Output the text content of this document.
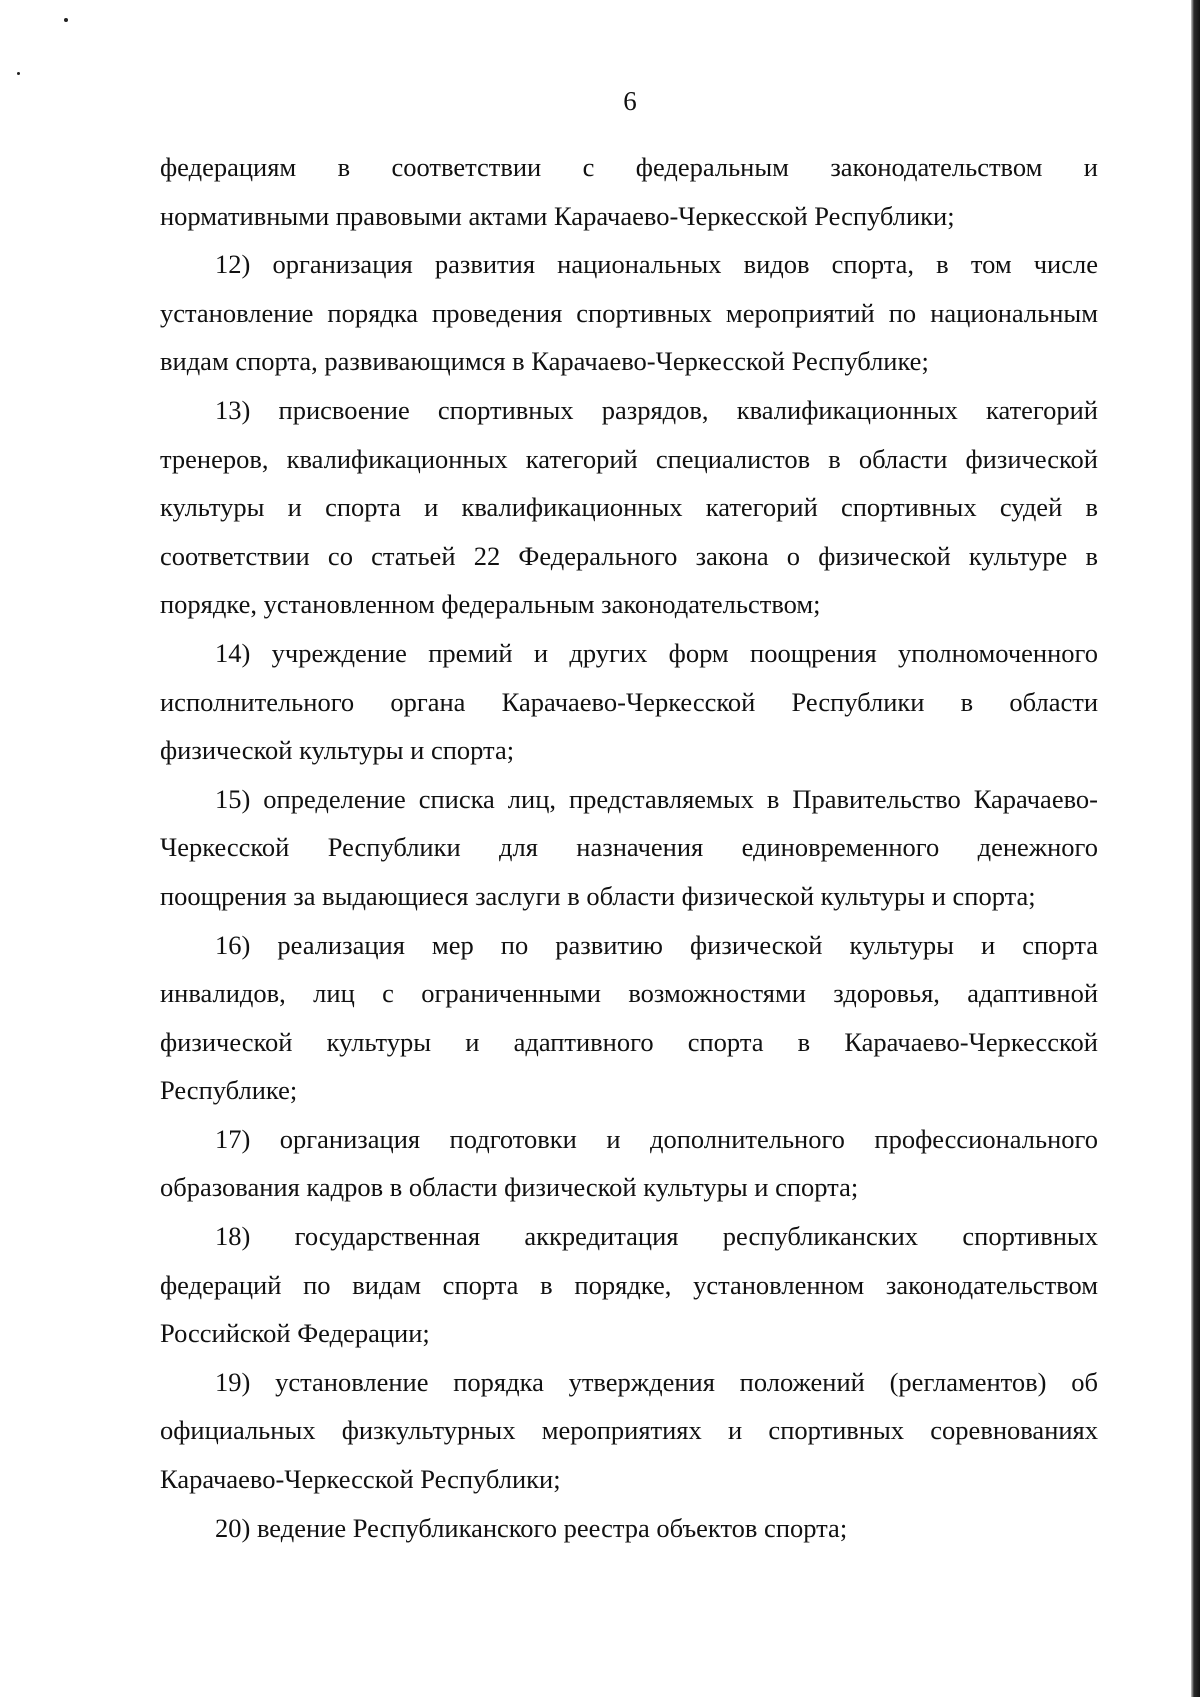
6
федерациям в соответствии с федеральным законодательством и
нормативными правовыми актами Карачаево-Черкесской Республики;
12) организация развития национальных видов спорта, в том числе
установление порядка проведения спортивных мероприятий по национальным
видам спорта, развивающимся в Карачаево-Черкесской Республике;
13) присвоение спортивных разрядов, квалификационных категорий
тренеров, квалификационных категорий специалистов в области физической
культуры и спорта и квалификационных категорий спортивных судей в
соответствии со статьей 22 Федерального закона о физической культуре в
порядке, установленном федеральным законодательством;
14) учреждение премий и других форм поощрения уполномоченного
исполнительного органа Карачаево-Черкесской Республики в области
физической культуры и спорта;
15) определение списка лиц, представляемых в Правительство Карачаево-
Черкесской Республики для назначения единовременного денежного
поощрения за выдающиеся заслуги в области физической культуры и спорта;
16) реализация мер по развитию физической культуры и спорта
инвалидов, лиц с ограниченными возможностями здоровья, адаптивной
физической культуры и адаптивного спорта в Карачаево-Черкесской
Республике;
17) организация подготовки и дополнительного профессионального
образования кадров в области физической культуры и спорта;
18) государственная аккредитация республиканских спортивных
федераций по видам спорта в порядке, установленном законодательством
Российской Федерации;
19) установление порядка утверждения положений (регламентов) об
официальных физкультурных мероприятиях и спортивных соревнованиях
Карачаево-Черкесской Республики;
20) ведение Республиканского реестра объектов спорта;
